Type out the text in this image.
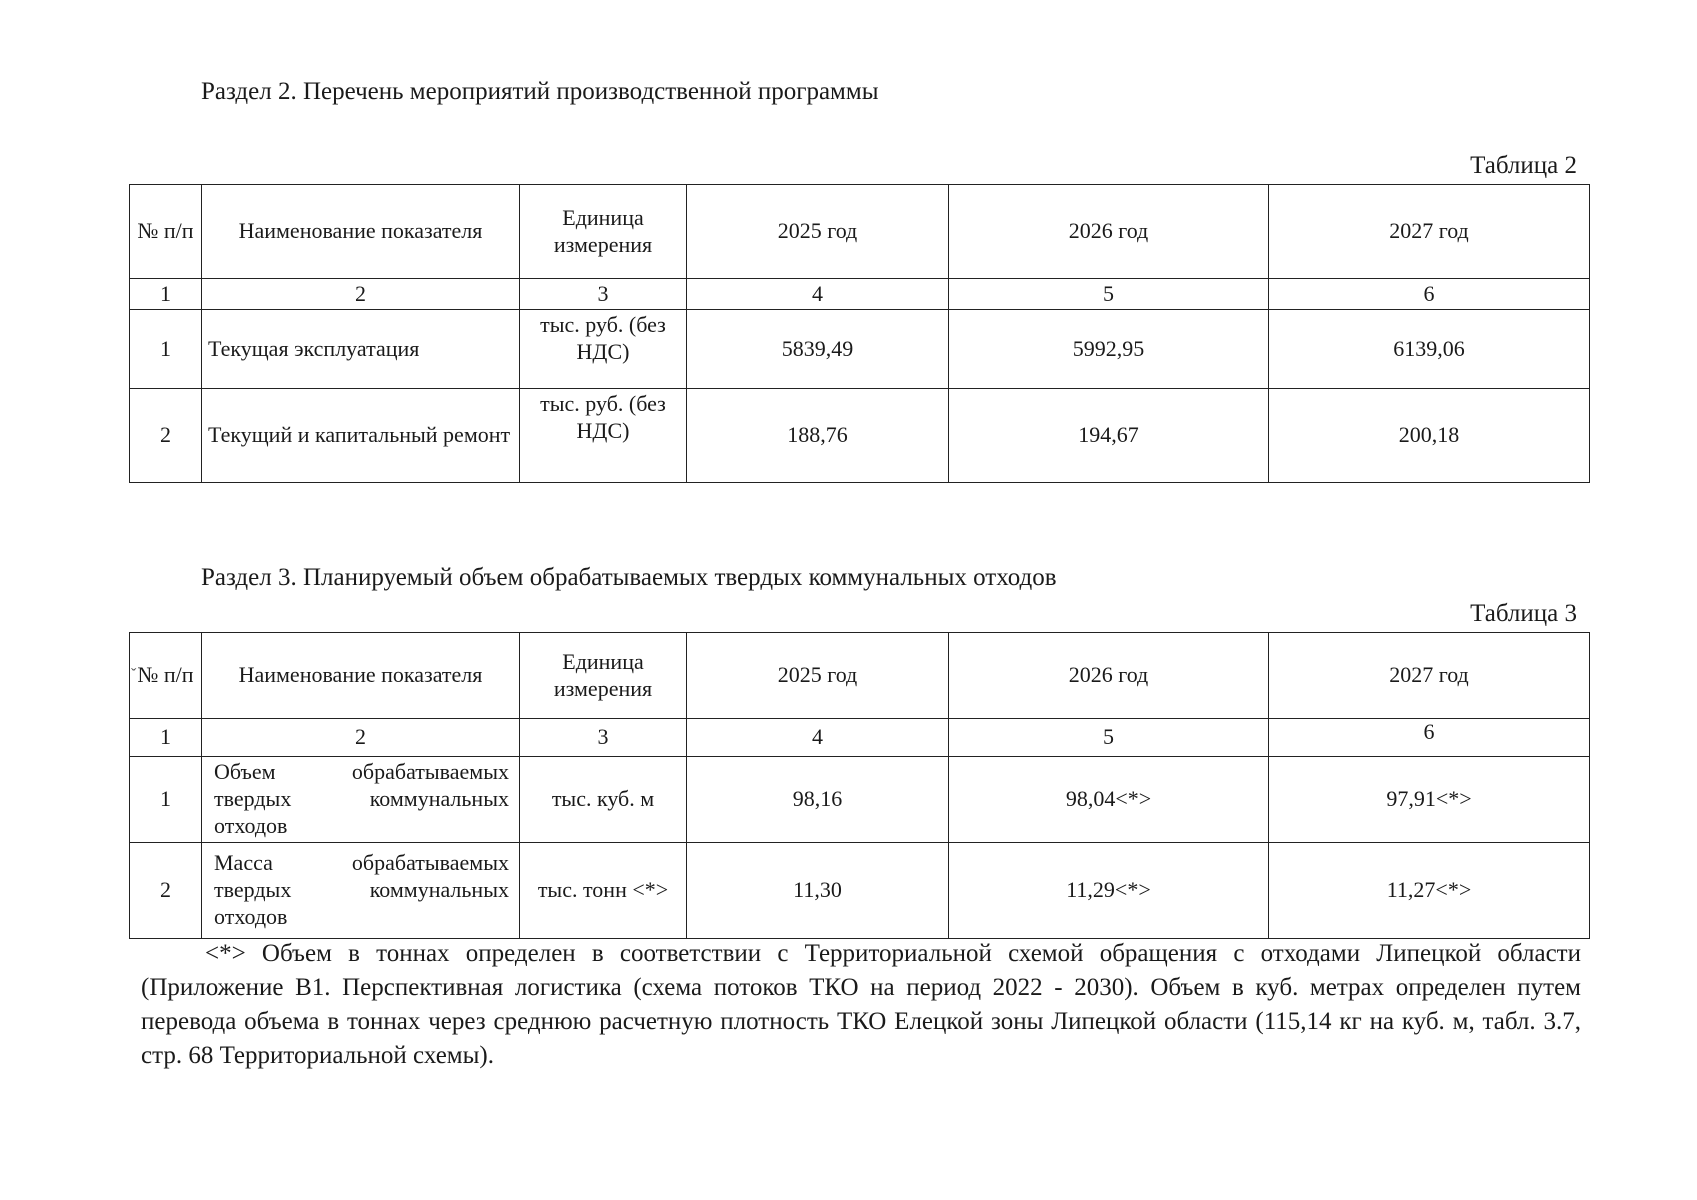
Раздел 2. Перечень мероприятий производственной программы
Таблица 2
№ п/п	Наименование показателя	Единица измерения	2025 год	2026 год	2027 год
1	2	3	4	5	6
1	Текущая эксплуатация	тыс. руб. (без НДС)	5839,49	5992,95	6139,06
2	Текущий и капитальный ремонт	тыс. руб. (без НДС)	188,76	194,67	200,18
Раздел 3. Планируемый объем обрабатываемых твердых коммунальных отходов
Таблица 3
ˇ № п/п	Наименование показателя	Единица измерения	2025 год	2026 год	2027 год
1	2	3	4	5	6
1	Объем обрабатываемых
твердых коммунальных
отходов	тыс. куб. м	98,16	98,04<*>	97,91<*>
2	Масса обрабатываемых
твердых коммунальных
отходов	тыс. тонн <*>	11,30	11,29<*>	11,27<*>
<*> Объем в тоннах определен в соответствии с Территориальной схемой обращения с отходами Липецкой области (Приложение В1. Перспективная логистика (схема потоков ТКО на период 2022 - 2030). Объем в куб. метрах определен путем перевода объема в тоннах через среднюю расчетную плотность ТКО Елецкой зоны Липецкой области (115,14 кг на куб. м, табл. 3.7, стр. 68 Территориальной схемы).
